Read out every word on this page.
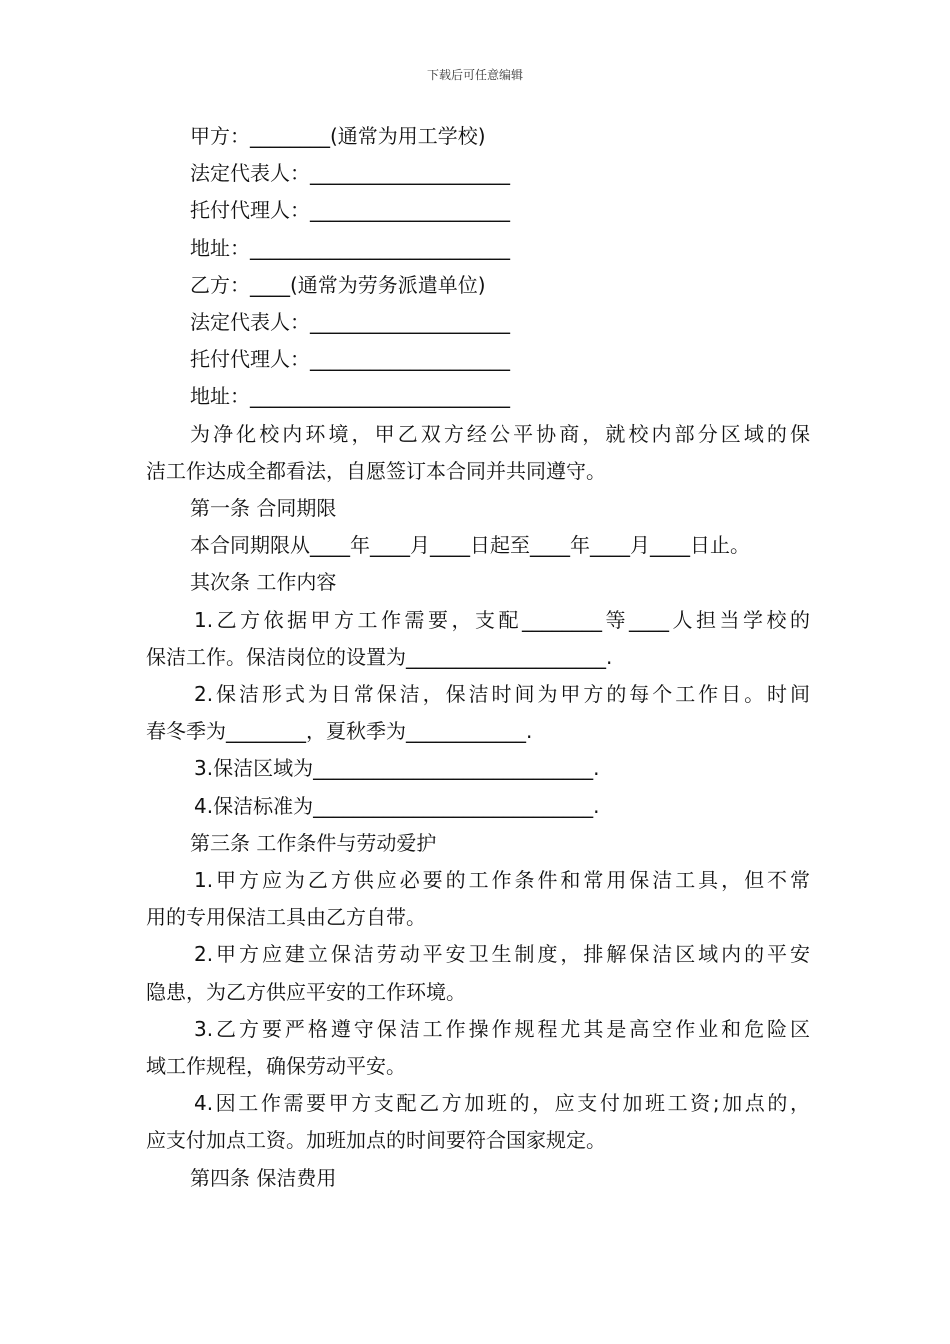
下载后可任意编辑
甲方：________(通常为用工学校)
法定代表人：____________________
托付代理人：____________________
地址：__________________________
乙方：____(通常为劳务派遣单位)
法定代表人：____________________
托付代理人：____________________
地址：__________________________
为净化校内环境，甲乙双方经公平协商，就校内部分区域的保
洁工作达成全都看法，自愿签订本合同并共同遵守。
第一条 合同期限
本合同期限从____年____月____日起至____年____月____日止。
其次条 工作内容
1.乙方依据甲方工作需要，支配________等____人担当学校的
保洁工作。保洁岗位的设置为____________________.
2.保洁形式为日常保洁，保洁时间为甲方的每个工作日。时间
春冬季为________，夏秋季为____________.
3.保洁区域为____________________________.
4.保洁标准为____________________________.
第三条 工作条件与劳动爱护
1.甲方应为乙方供应必要的工作条件和常用保洁工具，但不常
用的专用保洁工具由乙方自带。
2.甲方应建立保洁劳动平安卫生制度，排解保洁区域内的平安
隐患，为乙方供应平安的工作环境。
3.乙方要严格遵守保洁工作操作规程尤其是高空作业和危险区
域工作规程，确保劳动平安。
4.因工作需要甲方支配乙方加班的，应支付加班工资;加点的，
应支付加点工资。加班加点的时间要符合国家规定。
第四条 保洁费用
